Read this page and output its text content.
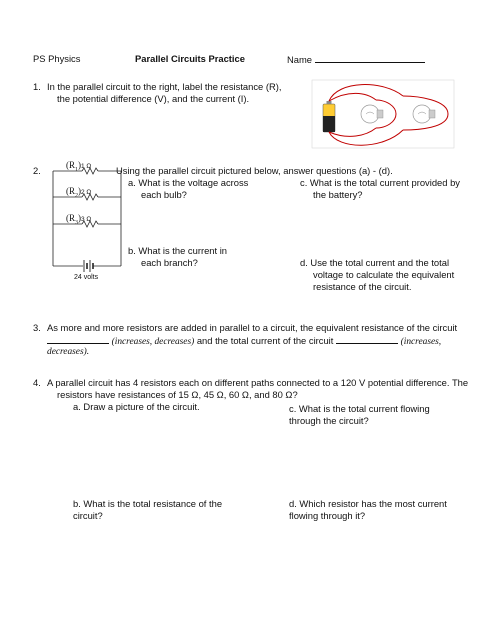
PS Physics	Parallel Circuits Practice	Name
1. In the parallel circuit to the right, label the resistance (R),
the potential difference (V), and the current (I).
2.	Using the parallel circuit pictured below, answer questions (a) - (d).
a. What is the voltage across
each bulb?
c. What is the total current provided by
the battery?
b. What is the current in
each branch?	d. Use the total current and the total
voltage to calculate the equivalent
resistance of the circuit.
$(R_1)1$ Ω
$(R_2)2$ Ω
$(R_3)3$ Ω
24 volts
3. As more and more resistors are added in parallel to a circuit, the equivalent resistance of the circuit
(increases, decreases) and the total current of the circuit	(increases,
decreases).
4. A parallel circuit has 4 resistors each on different paths connected to a 120 V potential difference. The
resistors have resistances of 15 Ω, 45 Ω, 60 Ω, and 80 Ω?
a. Draw a picture of the circuit.	c. What is the total current flowing
through the circuit?
b. What is the total resistance of the
circuit?
d. Which resistor has the most current
flowing through it?
